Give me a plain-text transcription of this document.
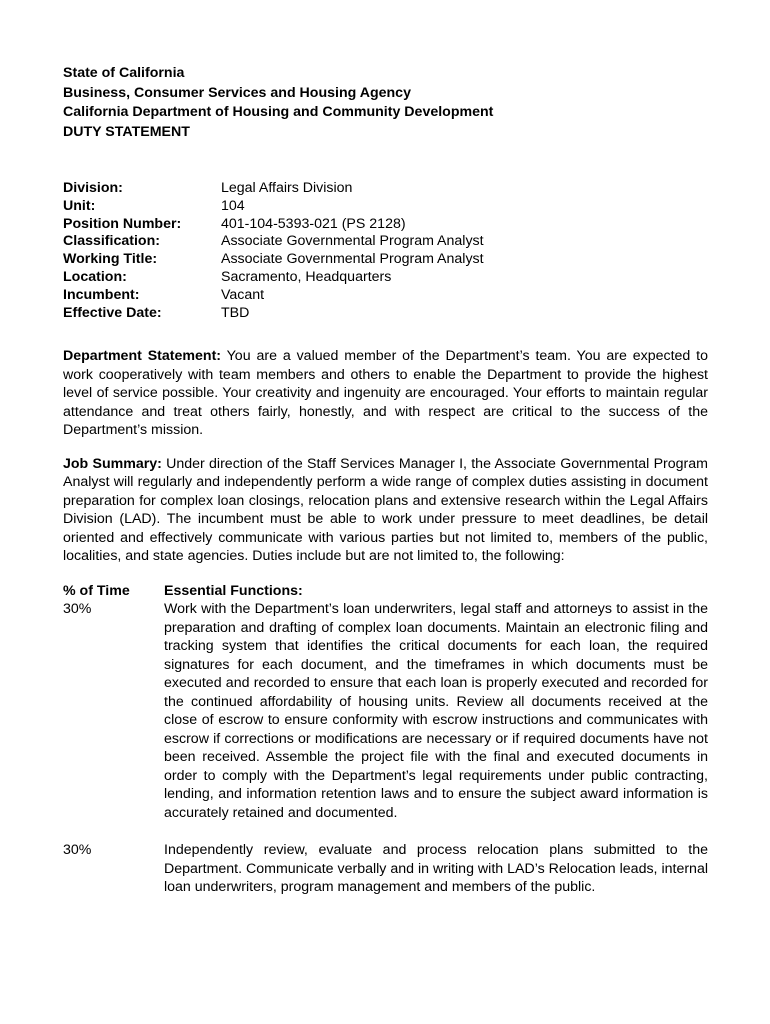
State of California
Business, Consumer Services and Housing Agency
California Department of Housing and Community Development
DUTY STATEMENT
Division:	Legal Affairs Division
Unit:	104
Position Number:	401-104-5393-021 (PS 2128)
Classification:	Associate Governmental Program Analyst
Working Title:	Associate Governmental Program Analyst
Location:	Sacramento, Headquarters
Incumbent:	Vacant
Effective Date:	TBD

Department Statement: You are a valued member of the Department’s team. You are expected to work cooperatively with team members and others to enable the Department to provide the highest level of service possible. Your creativity and ingenuity are encouraged. Your efforts to maintain regular attendance and treat others fairly, honestly, and with respect are critical to the success of the Department’s mission.

Job Summary: Under direction of the Staff Services Manager I, the Associate Governmental Program Analyst will regularly and independently perform a wide range of complex duties assisting in document preparation for complex loan closings, relocation plans and extensive research within the Legal Affairs Division (LAD). The incumbent must be able to work under pressure to meet deadlines, be detail oriented and effectively communicate with various parties but not limited to, members of the public, localities, and state agencies. Duties include but are not limited to, the following:

% of Time	Essential Functions:
30%	Work with the Department’s loan underwriters, legal staff and attorneys to assist in the preparation and drafting of complex loan documents. Maintain an electronic filing and tracking system that identifies the critical documents for each loan, the required signatures for each document, and the timeframes in which documents must be executed and recorded to ensure that each loan is properly executed and recorded for the continued affordability of housing units. Review all documents received at the close of escrow to ensure conformity with escrow instructions and communicates with escrow if corrections or modifications are necessary or if required documents have not been received. Assemble the project file with the final and executed documents in order to comply with the Department’s legal requirements under public contracting, lending, and information retention laws and to ensure the subject award information is accurately retained and documented.
30%	Independently review, evaluate and process relocation plans submitted to the Department. Communicate verbally and in writing with LAD’s Relocation leads, internal loan underwriters, program management and members of the public.
